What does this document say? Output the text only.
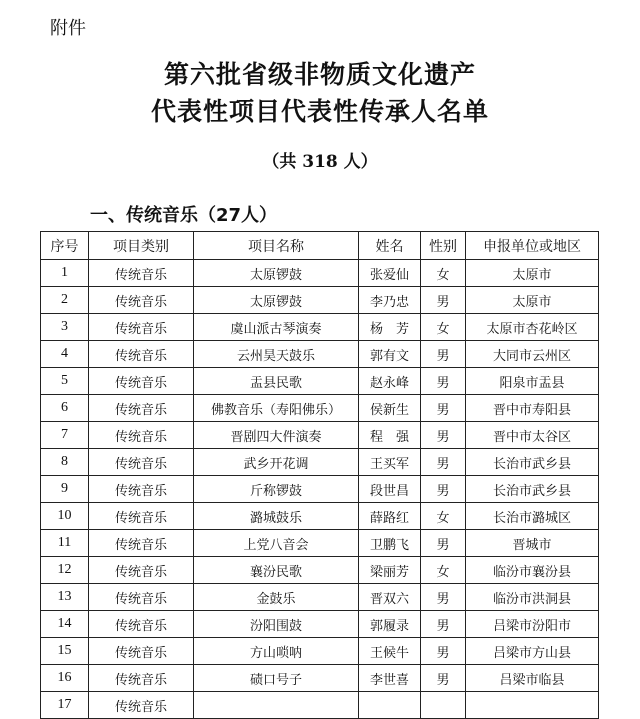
附件
第六批省级非物质文化遗产
代表性项目代表性传承人名单
（共 318 人）
一、传统音乐（27人）
序号	项目类别	项目名称	姓名	性别	申报单位或地区
1	传统音乐	太原锣鼓	张爱仙	女	太原市
2	传统音乐	太原锣鼓	李乃忠	男	太原市
3	传统音乐	虞山派古琴演奏	杨　芳	女	太原市杏花岭区
4	传统音乐	云州昊天鼓乐	郭有文	男	大同市云州区
5	传统音乐	盂县民歌	赵永峰	男	阳泉市盂县
6	传统音乐	佛教音乐（寿阳佛乐）	侯新生	男	晋中市寿阳县
7	传统音乐	晋剧四大件演奏	程　强	男	晋中市太谷区
8	传统音乐	武乡开花调	王买军	男	长治市武乡县
9	传统音乐	斤称锣鼓	段世昌	男	长治市武乡县
10	传统音乐	潞城鼓乐	薛路红	女	长治市潞城区
11	传统音乐	上党八音会	卫鹏飞	男	晋城市
12	传统音乐	襄汾民歌	梁丽芳	女	临汾市襄汾县
13	传统音乐	金鼓乐	晋双六	男	临汾市洪洞县
14	传统音乐	汾阳围鼓	郭履录	男	吕梁市汾阳市
15	传统音乐	方山唢呐	王候牛	男	吕梁市方山县
16	传统音乐	碛口号子	李世喜	男	吕梁市临县
17	传统音乐				
